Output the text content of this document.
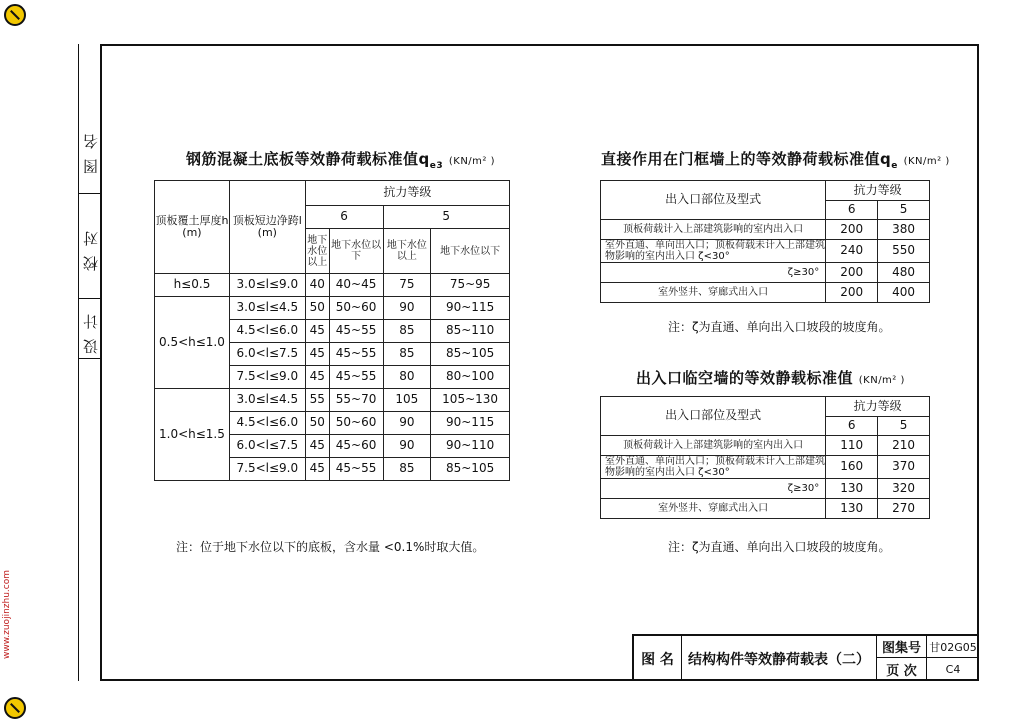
www.zuojinzhu.com
图名
校对
设计
钢筋混凝土底板等效静荷载标准值$q_{e3}$ (KN/m² )
顶板覆土厚度h (m)	顶板短边净跨l (m)	抗力等级			
		6		5	
		地下水位以上	地下水位以下	地下水位以上	地下水位以下
h≤0.5	3.0≤l≤9.0	40	40~45	75	75~95
0.5<h≤1.0	3.0≤l≤4.5	50	50~60	90	90~115
	4.5<l≤6.0	45	45~55	85	85~110
	6.0<l≤7.5	45	45~55	85	85~105
	7.5<l≤9.0	45	45~55	80	80~100
1.0<h≤1.5	3.0≤l≤4.5	55	55~70	105	105~130
	4.5<l≤6.0	50	50~60	90	90~115
	6.0<l≤7.5	45	45~60	90	90~110
	7.5<l≤9.0	45	45~55	85	85~105
注：位于地下水位以下的底板，含水量 <0.1%时取大值。
直接作用在门框墙上的等效静荷载标准值$q_e$ (KN/m² )
出入口部位及型式	抗力等级	
	6	5
顶板荷载计入上部建筑影响的室内出入口	200	380
室外直通、单向出入口；顶板荷载未计入上部建筑物影响的室内出入口 ζ<30°	240	550
ζ≥30°	200	480
室外竖井、穿廊式出入口	200	400
注：ζ为直通、单向出入口坡段的坡度角。
出入口临空墙的等效静载标准值 (KN/m² )
出入口部位及型式	抗力等级	
	6	5
顶板荷载计入上部建筑影响的室内出入口	110	210
室外直通、单向出入口；顶板荷载未计入上部建筑物影响的室内出入口 ζ<30°	160	370
ζ≥30°	130	320
室外竖井、穿廊式出入口	130	270
注：ζ为直通、单向出入口坡段的坡度角。
图 名	结构构件等效静荷载表（二）
图集号 甘02G05
页 次	C4
